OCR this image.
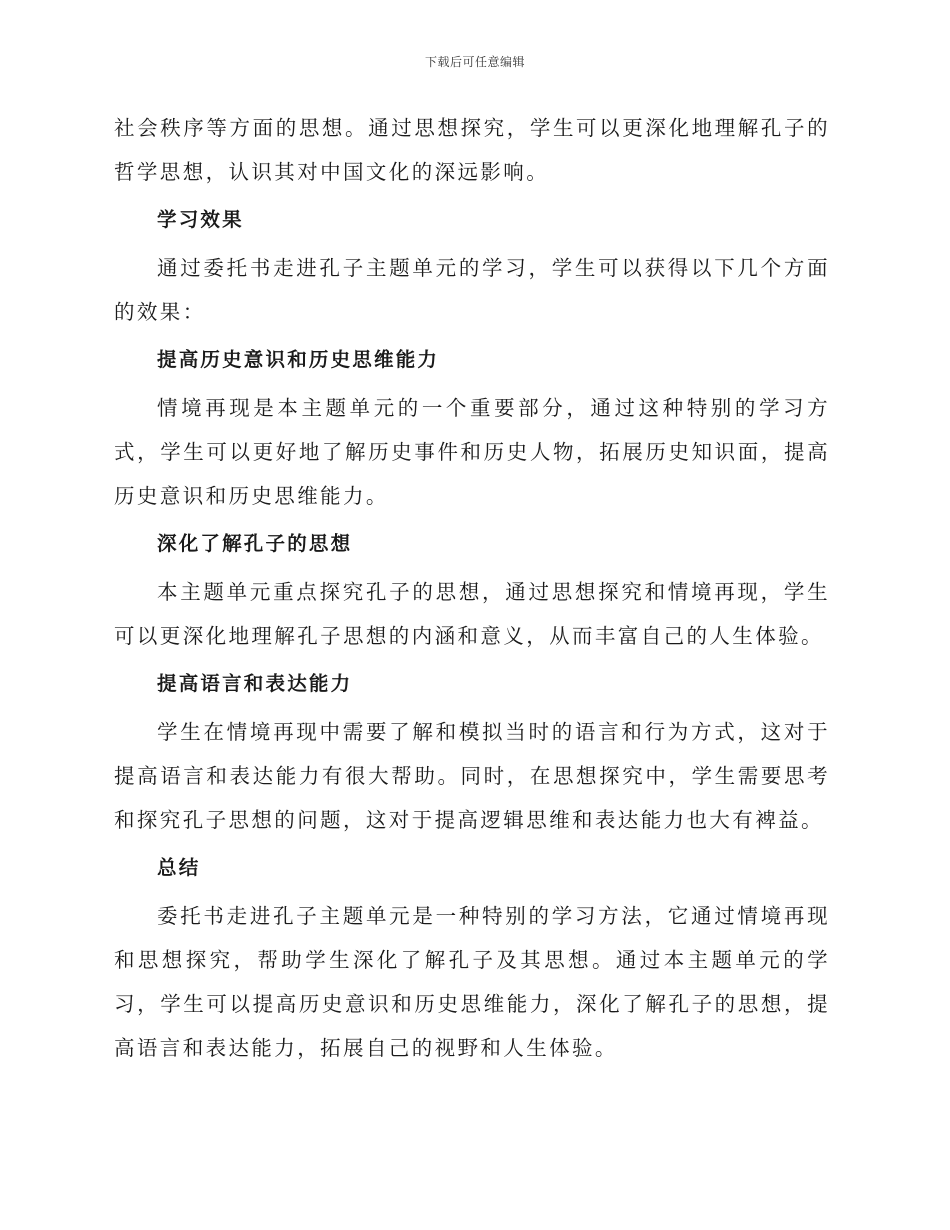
下载后可任意编辑

社会秩序等方面的思想。通过思想探究，学生可以更深化地理解孔子的哲学思想，认识其对中国文化的深远影响。

学习效果

通过委托书走进孔子主题单元的学习，学生可以获得以下几个方面的效果：

提高历史意识和历史思维能力

情境再现是本主题单元的一个重要部分，通过这种特别的学习方式，学生可以更好地了解历史事件和历史人物，拓展历史知识面，提高历史意识和历史思维能力。

深化了解孔子的思想

本主题单元重点探究孔子的思想，通过思想探究和情境再现，学生可以更深化地理解孔子思想的内涵和意义，从而丰富自己的人生体验。

提高语言和表达能力

学生在情境再现中需要了解和模拟当时的语言和行为方式，这对于提高语言和表达能力有很大帮助。同时，在思想探究中，学生需要思考和探究孔子思想的问题，这对于提高逻辑思维和表达能力也大有裨益。

总结

委托书走进孔子主题单元是一种特别的学习方法，它通过情境再现和思想探究，帮助学生深化了解孔子及其思想。通过本主题单元的学习，学生可以提高历史意识和历史思维能力，深化了解孔子的思想，提高语言和表达能力，拓展自己的视野和人生体验。
